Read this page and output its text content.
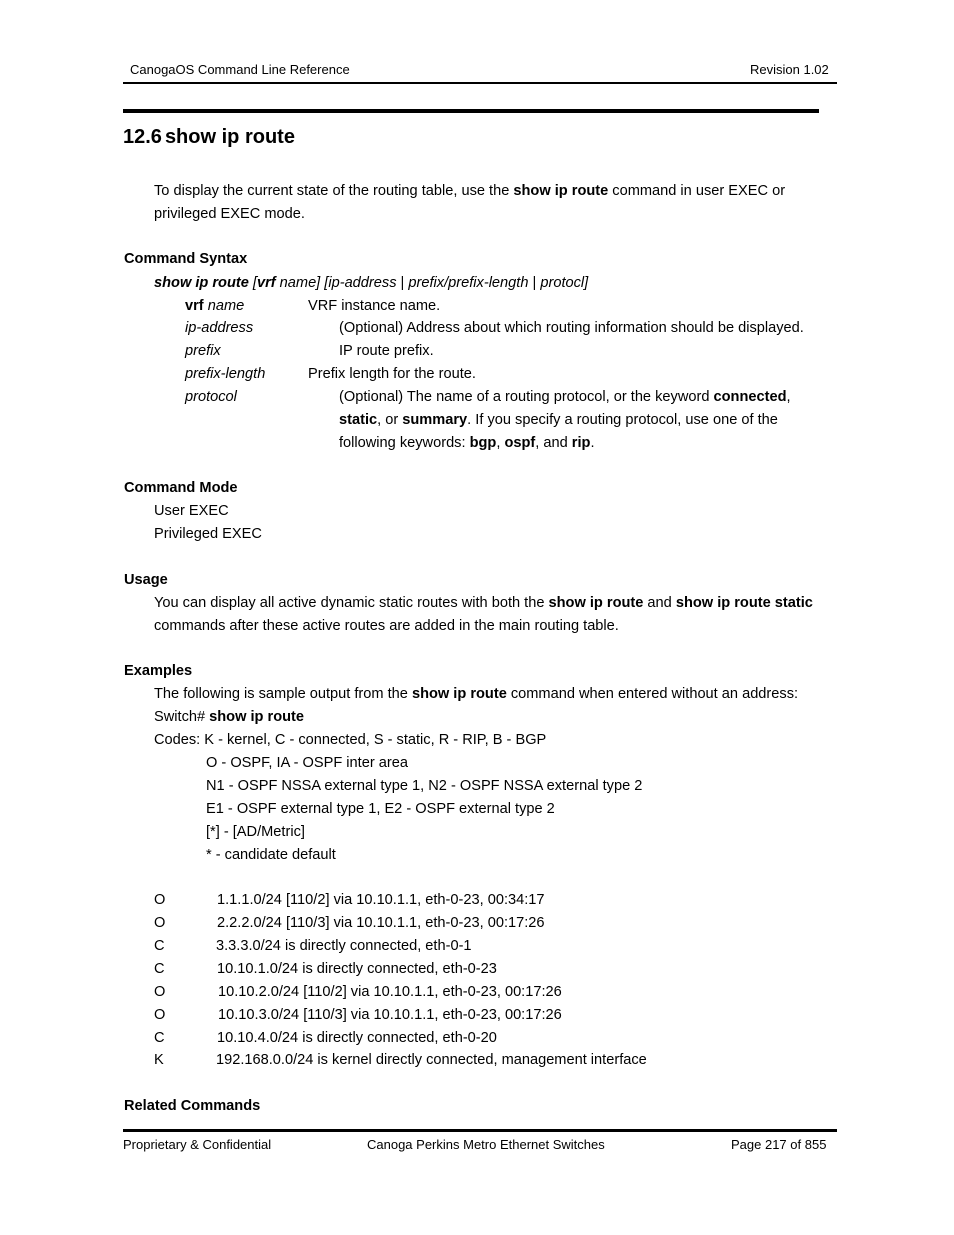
CanogaOS Command Line Reference	Revision 1.02
12.6 show ip route
To display the current state of the routing table, use the show ip route command in user EXEC or
privileged EXEC mode.
Command Syntax
show ip route [vrf name] [ip-address | prefix/prefix-length | protocl]
vrf name	VRF instance name.
ip-address	(Optional) Address about which routing information should be displayed.
prefix	IP route prefix.
prefix-length	Prefix length for the route.
protocol	(Optional) The name of a routing protocol, or the keyword connected,
static, or summary. If you specify a routing protocol, use one of the
following keywords: bgp, ospf, and rip.
Command Mode
User EXEC
Privileged EXEC
Usage
You can display all active dynamic static routes with both the show ip route and show ip route static
commands after these active routes are added in the main routing table.
Examples
The following is sample output from the show ip route command when entered without an address:
Switch# show ip route
Codes: K - kernel, C - connected, S - static, R - RIP, B - BGP
O - OSPF, IA - OSPF inter area
N1 - OSPF NSSA external type 1, N2 - OSPF NSSA external type 2
E1 - OSPF external type 1, E2 - OSPF external type 2
[*] - [AD/Metric]
* - candidate default
O	1.1.1.0/24 [110/2] via 10.10.1.1, eth-0-23, 00:34:17
O	2.2.2.0/24 [110/3] via 10.10.1.1, eth-0-23, 00:17:26
C	3.3.3.0/24 is directly connected, eth-0-1
C	10.10.1.0/24 is directly connected, eth-0-23
O	10.10.2.0/24 [110/2] via 10.10.1.1, eth-0-23, 00:17:26
O	10.10.3.0/24 [110/3] via 10.10.1.1, eth-0-23, 00:17:26
C	10.10.4.0/24 is directly connected, eth-0-20
K	192.168.0.0/24 is kernel directly connected, management interface
Related Commands
Proprietary & Confidential	Canoga Perkins Metro Ethernet Switches	Page 217 of 855
